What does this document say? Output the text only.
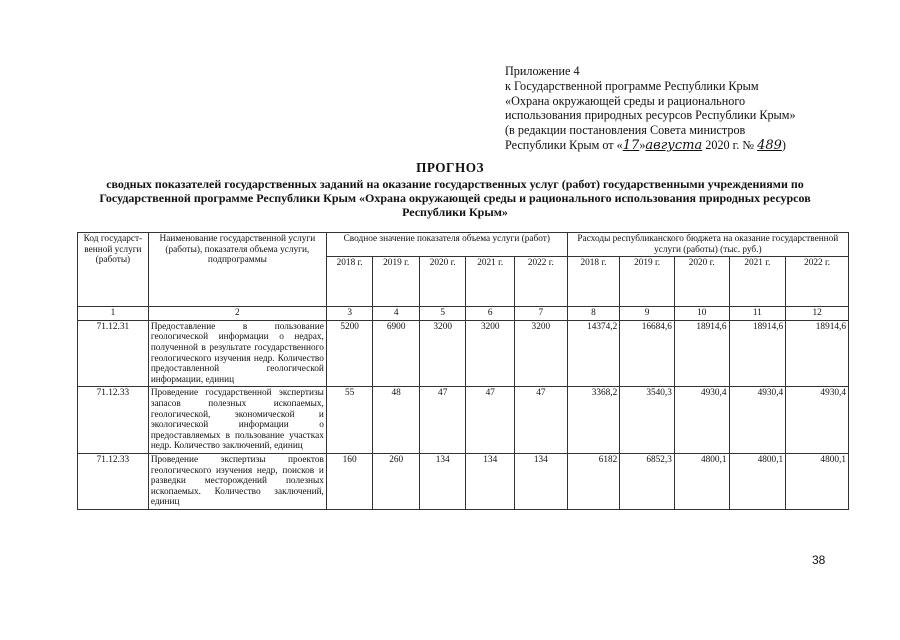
Приложение 4
к Государственной программе Республики Крым
«Охрана окружающей среды и рационального
использования природных ресурсов Республики Крым»
(в редакции постановления Совета министров
Республики Крым от «17»августа 2020 г. № 489)
ПРОГНОЗ
сводных показателей государственных заданий на оказание государственных услуг (работ) государственными учреждениями по Государственной программе Республики Крым «Охрана окружающей среды и рационального использования природных ресурсов Республики Крым»
Код государст-венной услуги (работы)	Наименование государственной услуги (работы), показателя объема услуги, подпрограммы	Сводное значение показателя объема услуги (работ)					Расходы республиканского бюджета на оказание государственной услуги (работы) (тыс. руб.)				
		2018 г.	2019 г.	2020 г.	2021 г.	2022 г.	2018 г.	2019 г.	2020 г.	2021 г.	2022 г.
1	2	3	4	5	6	7	8	9	10	11	12
71.12.31	Предоставление в пользование геологической информации о недрах, полученной в результате государственного геологического изучения недр. Количество предоставленной геологической информации, единиц	5200	6900	3200	3200	3200	14374,2	16684,6	18914,6	18914,6	18914,6
71.12.33	Проведение государственной экспертизы запасов полезных ископаемых, геологической, экономической и экологической информации о предоставляемых в пользование участках недр. Количество заключений, единиц	55	48	47	47	47	3368,2	3540,3	4930,4	4930,4	4930,4
71.12.33	Проведение экспертизы проектов геологического изучения недр, поисков и разведки месторождений полезных ископаемых. Количество заключений, единиц	160	260	134	134	134	6182	6852,3	4800,1	4800,1	4800,1
38
